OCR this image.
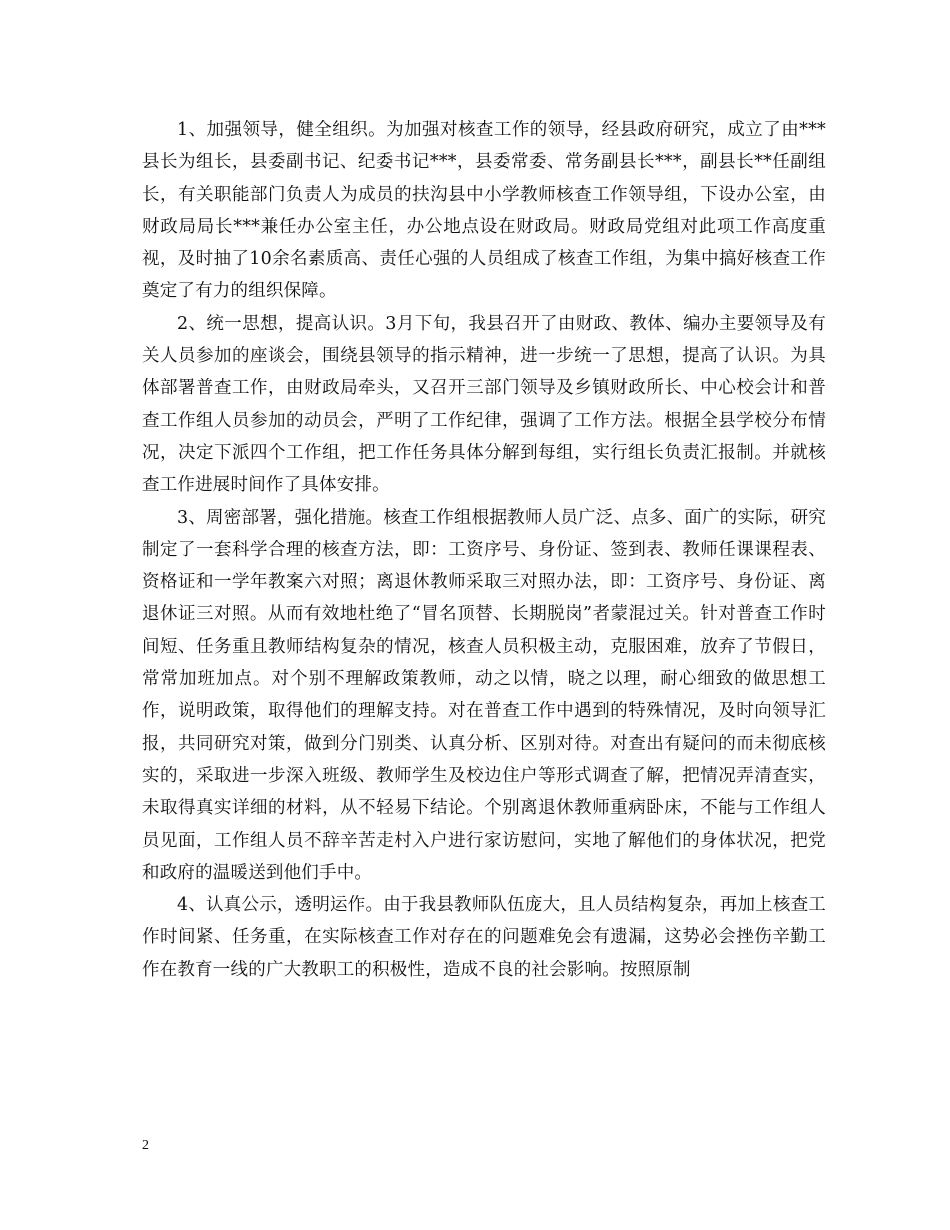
1、加强领导，健全组织。为加强对核查工作的领导，经县政府研究，成立了由***县长为组长，县委副书记、纪委书记***，县委常委、常务副县长***，副县长**任副组长，有关职能部门负责人为成员的扶沟县中小学教师核查工作领导组，下设办公室，由财政局局长***兼任办公室主任，办公地点设在财政局。财政局党组对此项工作高度重视，及时抽了10余名素质高、责任心强的人员组成了核查工作组，为集中搞好核查工作奠定了有力的组织保障。

2、统一思想，提高认识。3月下旬，我县召开了由财政、教体、编办主要领导及有关人员参加的座谈会，围绕县领导的指示精神，进一步统一了思想，提高了认识。为具体部署普查工作，由财政局牵头，又召开三部门领导及乡镇财政所长、中心校会计和普查工作组人员参加的动员会，严明了工作纪律，强调了工作方法。根据全县学校分布情况，决定下派四个工作组，把工作任务具体分解到每组，实行组长负责汇报制。并就核查工作进展时间作了具体安排。

3、周密部署，强化措施。核查工作组根据教师人员广泛、点多、面广的实际，研究制定了一套科学合理的核查方法，即：工资序号、身份证、签到表、教师任课课程表、资格证和一学年教案六对照；离退休教师采取三对照办法，即：工资序号、身份证、离退休证三对照。从而有效地杜绝了“冒名顶替、长期脱岗”者蒙混过关。针对普查工作时间短、任务重且教师结构复杂的情况，核查人员积极主动，克服困难，放弃了节假日，常常加班加点。对个别不理解政策教师，动之以情，晓之以理，耐心细致的做思想工作，说明政策，取得他们的理解支持。对在普查工作中遇到的特殊情况，及时向领导汇报，共同研究对策，做到分门别类、认真分析、区别对待。对查出有疑问的而未彻底核实的，采取进一步深入班级、教师学生及校边住户等形式调查了解，把情况弄清查实，未取得真实详细的材料，从不轻易下结论。个别离退休教师重病卧床，不能与工作组人员见面，工作组人员不辞辛苦走村入户进行家访慰问，实地了解他们的身体状况，把党和政府的温暖送到他们手中。

4、认真公示，透明运作。由于我县教师队伍庞大，且人员结构复杂，再加上核查工作时间紧、任务重，在实际核查工作对存在的问题难免会有遗漏，这势必会挫伤辛勤工作在教育一线的广大教职工的积极性，造成不良的社会影响。按照原制

2
